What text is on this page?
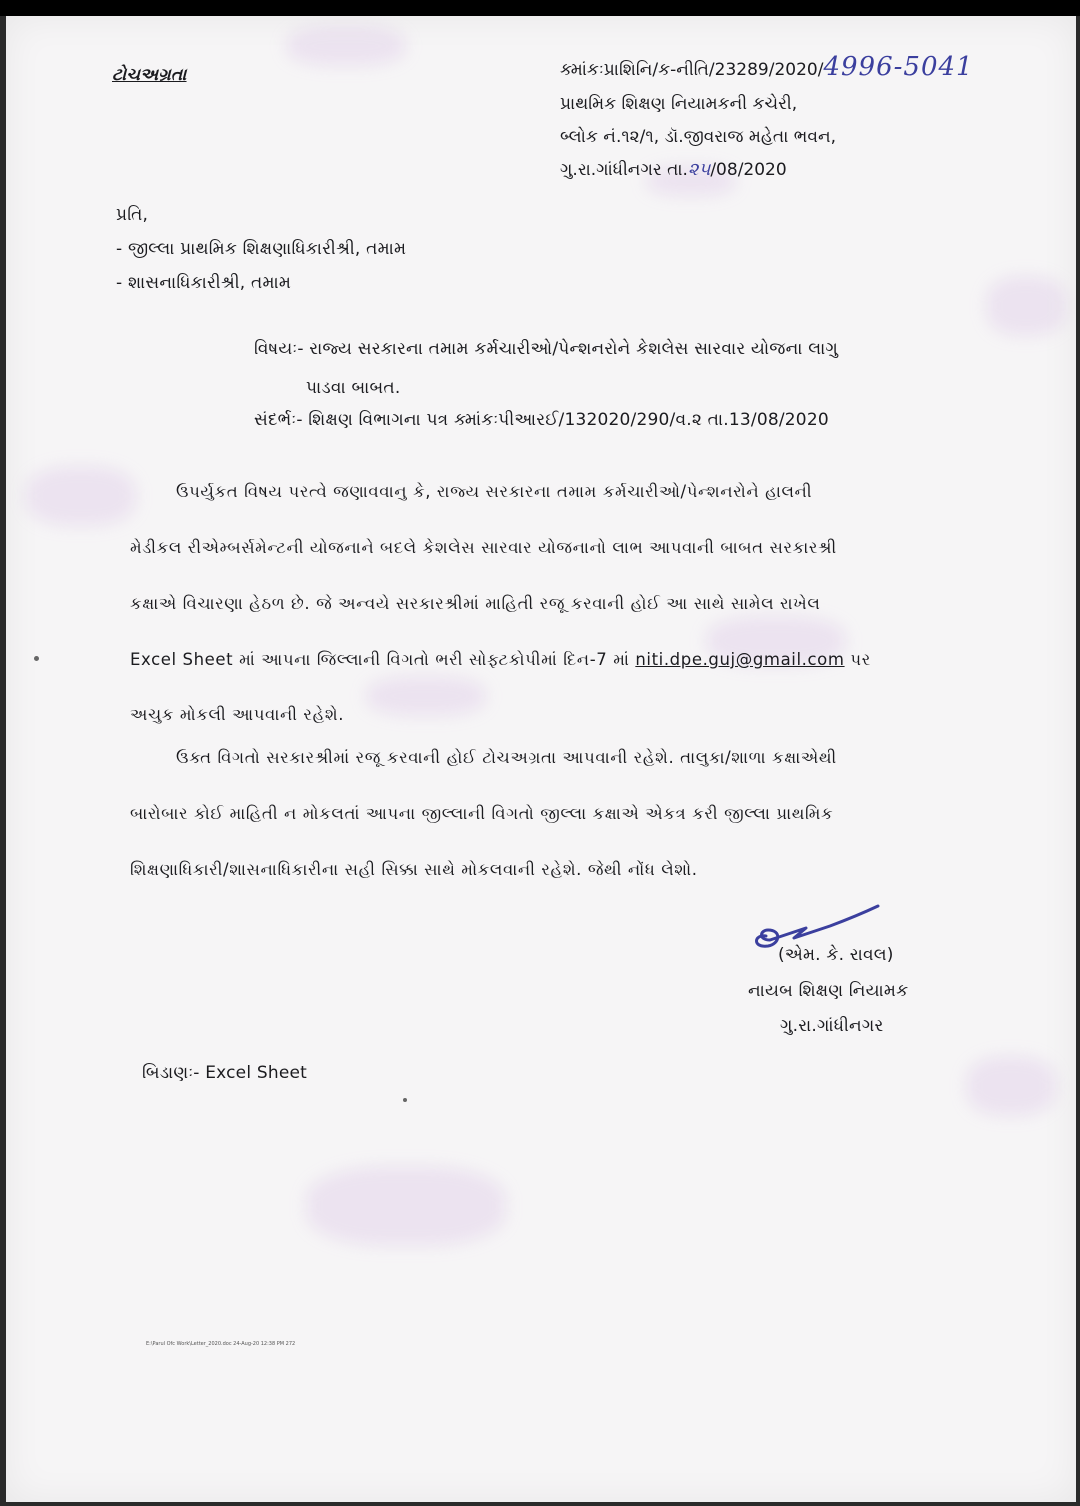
ટોચઅગ્રતા	ક્માંકઃપ્રાશિનિ/ક-નીતિ/23289/2020/4996-5041
પ્રાથમિક શિક્ષણ નિયામકની કચેરી,
બ્લોક નં.૧૨/૧, ડૉ.જીવરાજ મહેતા ભવન,
ગુ.રા.ગાંધીનગર તા.૨૫/08/2020
પ્રતિ,
- જીલ્લા પ્રાથમિક શિક્ષણાધિકારીશ્રી, તમામ
- શાસનાધિકારીશ્રી, તમામ
વિષયઃ- રાજ્ય સરકારના તમામ કર્મચારીઓ/પેન્શનરોને કેશલેસ સારવાર યોજના લાગુ
પાડવા બાબત.
સંદર્ભઃ- શિક્ષણ વિભાગના પત્ર ક્માંકઃપીઆરઈ/132020/290/વ.૨ તા.13/08/2020
ઉપર્યુકત વિષય પરત્વે જણાવવાનુ કે, રાજ્ય સરકારના તમામ કર્મચારીઓ/પેન્શનરોને હાલની
મેડીકલ રીએમ્બર્સમેન્ટની યોજનાને બદલે કેશલેસ સારવાર યોજનાનો લાભ આપવાની બાબત સરકારશ્રી
કક્ષાએ વિચારણા હેઠળ છે. જે અન્વયે સરકારશ્રીમાં માહિતી રજૂ કરવાની હોઈ આ સાથે સામેલ રાખેલ
Excel Sheet માં આપના જિલ્લાની વિગતો ભરી સોફ્ટકોપીમાં દિન-7 માં niti.dpe.guj@gmail.com પર
અચુક મોકલી આપવાની રહેશે.
ઉક્ત વિગતો સરકારશ્રીમાં રજૂ કરવાની હોઈ ટોચઅગ્રતા આપવાની રહેશે. તાલુકા/શાળા કક્ષાએથી
બારોબાર કોઈ માહિતી ન મોકલતાં આપના જીલ્લાની વિગતો જીલ્લા કક્ષાએ એકત્ર કરી જીલ્લા પ્રાથમિક
શિક્ષણાધિકારી/શાસનાધિકારીના સહી સિક્કા સાથે મોકલવાની રહેશે. જેથી નોંધ લેશો.
(એમ. કે. રાવલ)
નાયબ શિક્ષણ નિયામક
ગુ.રા.ગાંધીનગર
બિડાણઃ- Excel Sheet
E:\Parul Ofc Work\Letter_2020.doc 24-Aug-20 12:38 PM 272
